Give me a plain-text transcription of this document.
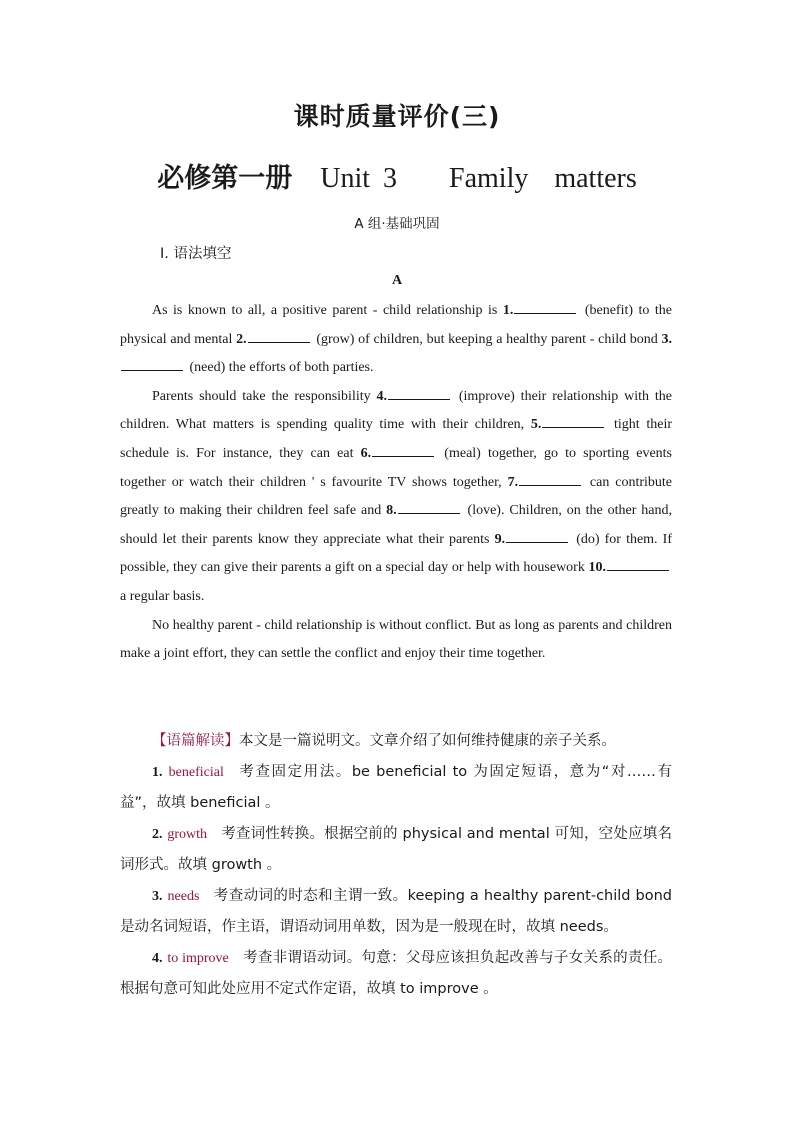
课时质量评价(三)
必修第一册 Unit 3    Family  matters
A 组·基础巩固
Ⅰ. 语法填空
A

As is known to all, a positive parent - child relationship is 1.	(benefit) to the physical and mental 2.	(grow) of children, but keeping a healthy parent - child bond 3. (need) the efforts of both parties.

Parents should take the responsibility 4.	(improve) their relationship with the children. What matters is spending quality time with their children, 5.	tight their schedule is. For instance, they can eat 6.	(meal) together, go to sporting events together or watch their children ' s favourite TV shows together, 7.	can contribute greatly to making their children feel safe and 8.	(love). Children, on the other hand, should let their parents know they appreciate what their parents 9.	(do) for them. If possible, they can give their parents a gift on a special day or help with housework 10. a regular basis.

No healthy parent - child relationship is without conflict. But as long as parents and children make a joint effort, they can settle the conflict and enjoy their time together.

【语篇解读】本文是一篇说明文。文章介绍了如何维持健康的亲子关系。

1. beneficial 考查固定用法。be beneficial to 为固定短语，意为“对……有益”，故填 beneficial 。

2. growth 考查词性转换。根据空前的 physical and mental 可知，空处应填名词形式。故填 growth 。

3. needs 考查动词的时态和主谓一致。keeping a healthy parent-child bond 是动名词短语，作主语，谓语动词用单数，因为是一般现在时，故填 needs。

4. to improve 考查非谓语动词。句意：父母应该担负起改善与子女关系的责任。根据句意可知此处应用不定式作定语，故填 to improve 。
